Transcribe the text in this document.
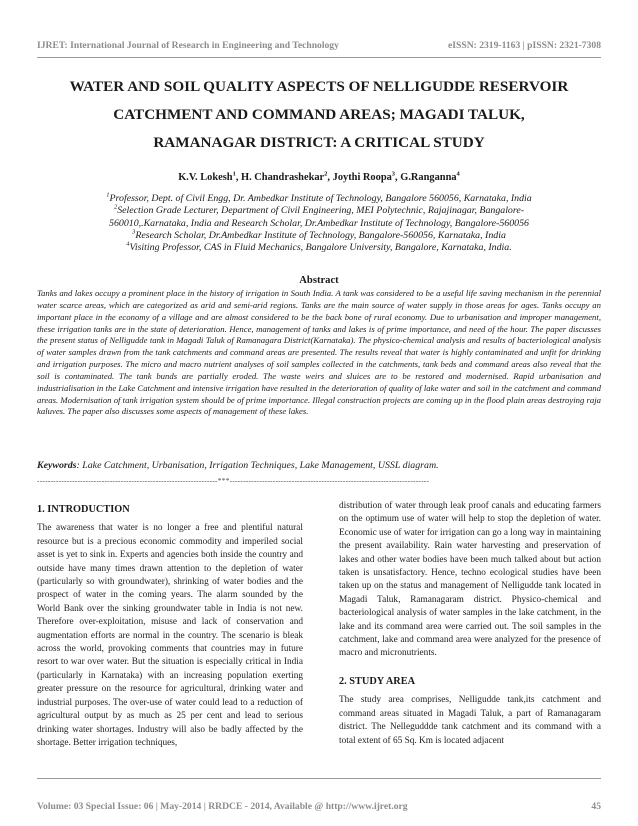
IJRET: International Journal of Research in Engineering and Technology	eISSN: 2319-1163 | pISSN: 2321-7308
WATER AND SOIL QUALITY ASPECTS OF NELLIGUDDE RESERVOIR
CATCHMENT AND COMMAND AREAS; MAGADI TALUK,
RAMANAGAR DISTRICT: A CRITICAL STUDY
K.V. Lokesh$^1$, H. Chandrashekar$^2$, Joythi Roopa$^3$, G.Ranganna$^4$
$^1$Professor, Dept. of Civil Engg, Dr. Ambedkar Institute of Technology, Bangalore 560056, Karnataka, India
$^2$Selection Grade Lecturer, Department of Civil Engineering, MEI Polytechnic, Rajajinagar, Bangalore-
560010,.Karnataka, India and Research Scholar, Dr.Ambedkar Institute of Technology, Bangalore-560056
$^3$Research Scholar, Dr.Ambedkar Institute of Technology, Bangalore-560056, Karnataka, India
$^4$Visiting Professor, CAS in Fluid Mechanics, Bangalore University, Bangalore, Karnataka, India.
Abstract
Tanks and lakes occupy a prominent place in the history of irrigation in South India. A tank was considered to be a useful life saving mechanism in the perennial water scarce areas, which are categorized as arid and semi-arid regions. Tanks are the main source of water supply in those areas for ages. Tanks occupy an important place in the economy of a village and are almost considered to be the back bone of rural economy. Due to urbanisation and improper management, these irrigation tanks are in the state of deterioration. Hence, management of tanks and lakes is of prime importance, and need of the hour. The paper discusses the present status of Nelligudde tank in Magadi Taluk of Ramanagara District(Karnataka). The physico-chemical analysis and results of bacteriological analysis of water samples drawn from the tank catchments and command areas are presented. The results reveal that water is highly contaminated and unfit for drinking and irrigation purposes. The micro and macro nutrient analyses of soil samples collected in the catchments, tank beds and command areas also reveal that the soil is contaminated. The tank bunds are partially eroded. The waste weirs and sluices are to be restored and modernised. Rapid urbanisation and industrialisation in the Lake Catchment and intensive irrigation have resulted in the deterioration of quality of lake water and soil in the catchment and command areas. Modernisation of tank irrigation system should be of prime importance. Illegal construction projects are coming up in the flood plain areas destroying raja kaluves. The paper also discusses some aspects of management of these lakes.
Keywords: Lake Catchment, Urbanisation, Irrigation Techniques, Lake Management, USSL diagram.
-------------------------------------------------------------------***--------------------------------------------------------------------------
1. INTRODUCTION

The awareness that water is no longer a free and plentiful natural resource but is a precious economic commodity and imperiled social asset is yet to sink in. Experts and agencies both inside the country and outside have many times drawn attention to the depletion of water (particularly so with groundwater), shrinking of water bodies and the prospect of water in the coming years. The alarm sounded by the World Bank over the sinking groundwater table in India is not new. Therefore over-exploitation, misuse and lack of conservation and augmentation efforts are normal in the country. The scenario is bleak across the world, provoking comments that countries may in future resort to war over water. But the situation is especially critical in India (particularly in Karnataka) with an increasing population exerting greater pressure on the resource for agricultural, drinking water and industrial purposes. The over-use of water could lead to a reduction of agricultural output by as much as 25 per cent and lead to serious drinking water shortages. Industry will also be badly affected by the shortage. Better irrigation techniques,

distribution of water through leak proof canals and educating farmers on the optimum use of water will help to stop the depletion of water. Economic use of water for irrigation can go a long way in maintaining the present availability. Rain water harvesting and preservation of lakes and other water bodies have been much talked about but action taken is unsatisfactory. Hence, techno ecological studies have been taken up on the status and management of Nelligudde tank located in Magadi Taluk, Ramanagaram district. Physico-chemical and bacteriological analysis of water samples in the lake catchment, in the lake and its command area were carried out. The soil samples in the catchment, lake and command area were analyzed for the presence of macro and micronutrients.

2. STUDY AREA

The study area comprises, Nelligudde tank,its catchment and command areas situated in Magadi Taluk, a part of Ramanagaram district. The Nelleguddde tank catchment and its command with a total extent of 65 Sq. Km is located adjacent

Volume: 03 Special Issue: 06 | May-2014 | RRDCE - 2014, Available @ http://www.ijret.org	45
